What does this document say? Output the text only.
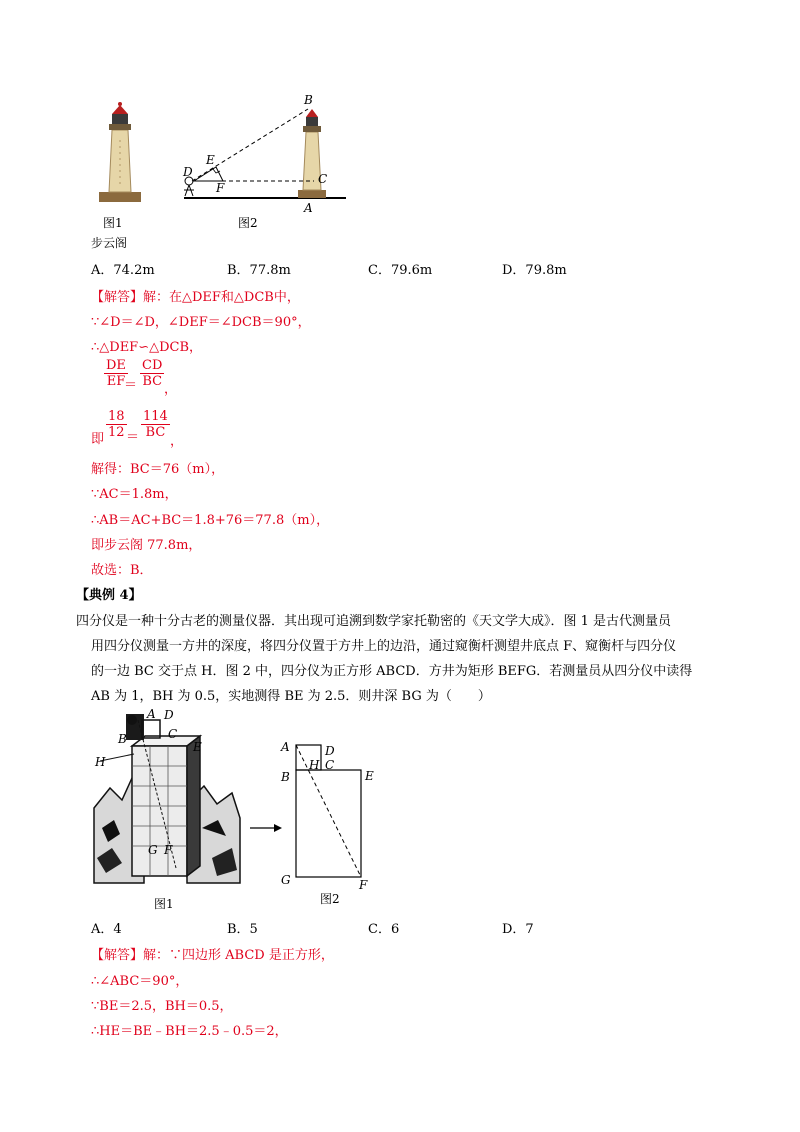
图1
步云阁
B
E
D
F
C
A
图2
A．74.2m	B．77.8m	C．79.6m	D．79.8m
【解答】解：在△DEF和△DCB中，
∵∠D＝∠D，∠DEF＝∠DCB＝90°，
∴△DEF∽△DCB，
$\frac{DE}{EF}$
＝ $\frac{CD}{BC}$
，
即 $\frac{18}{12} = \frac{114}{BC}$
，
解得：BC＝76（m），
∵AC＝1.8m，
∴AB＝AC+BC＝1.8+76＝77.8（m），
即步云阁 77.8m，
故选：B．
【典例 4】
四分仪是一种十分古老的测量仪器．其出现可追溯到数学家托勒密的《天文学大成》．图 1 是古代测量员
用四分仪测量一方井的深度，将四分仪置于方井上的边沿，通过窥衡杆测望井底点 F、窥衡杆与四分仪
的一边 BC 交于点 H．图 2 中，四分仪为正方形 ABCD．方井为矩形 BEFG．若测量员从四分仪中读得
AB 为 1，BH 为 0.5，实地测得 BE 为 2.5．则井深 BG 为（　　）
A D
B	C
E
H
G F
图1
A	D
B
H C
E
G	F
图2
A．4	B．5	C．6	D．7
【解答】解：∵四边形 ABCD 是正方形，
∴∠ABC＝90°，
∵BE＝2.5，BH＝0.5，
∴HE＝BE﹣BH＝2.5﹣0.5＝2，
